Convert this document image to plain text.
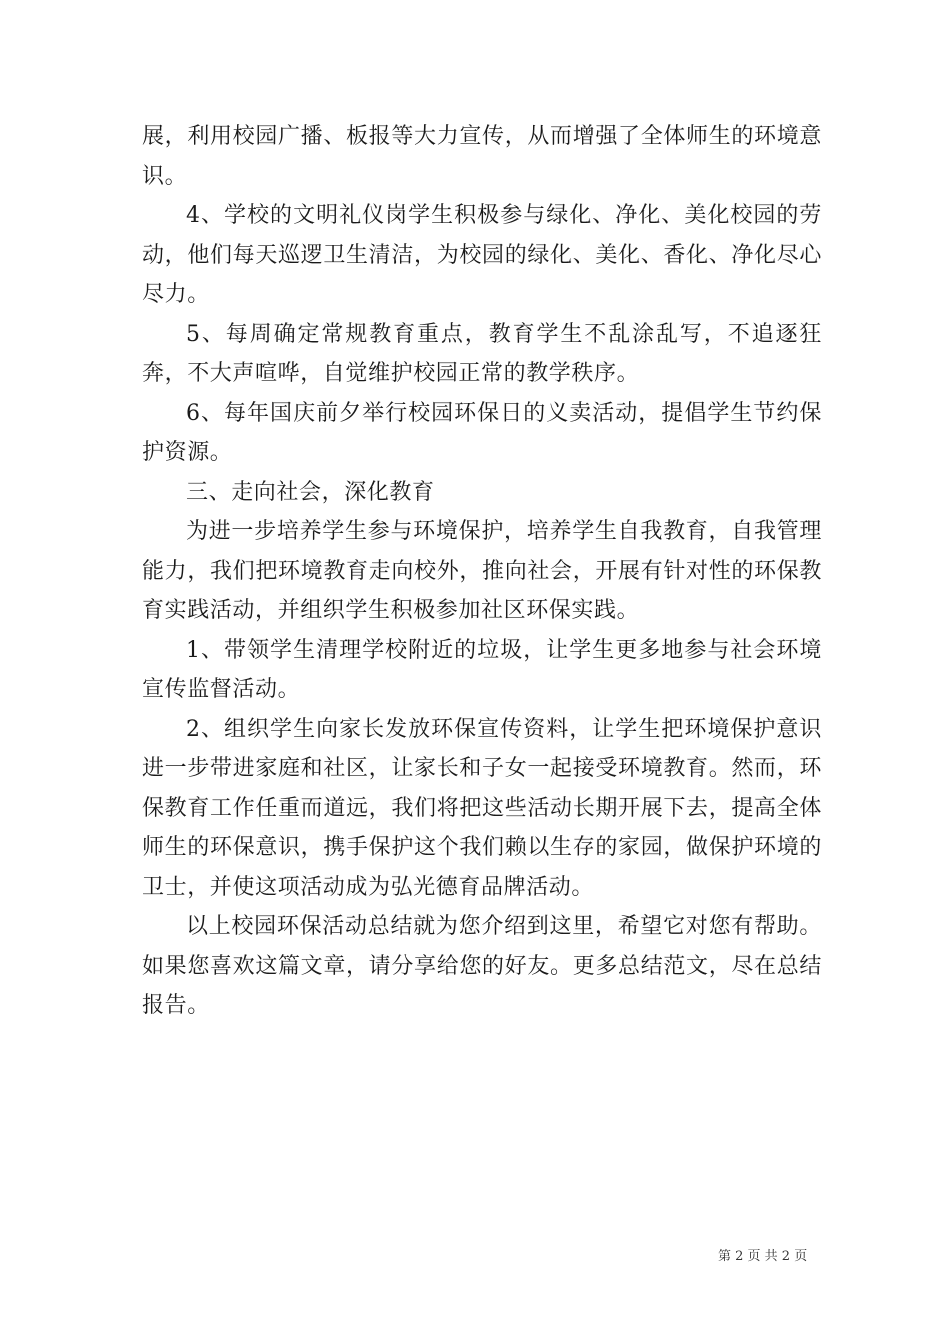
展，利用校园广播、板报等大力宣传，从而增强了全体师生的环境意识。

4、学校的文明礼仪岗学生积极参与绿化、净化、美化校园的劳动，他们每天巡逻卫生清洁，为校园的绿化、美化、香化、净化尽心尽力。

5、每周确定常规教育重点，教育学生不乱涂乱写，不追逐狂奔，不大声喧哗，自觉维护校园正常的教学秩序。

6、每年国庆前夕举行校园环保日的义卖活动，提倡学生节约保护资源。

三、走向社会，深化教育

为进一步培养学生参与环境保护，培养学生自我教育，自我管理能力，我们把环境教育走向校外，推向社会，开展有针对性的环保教育实践活动，并组织学生积极参加社区环保实践。

1、带领学生清理学校附近的垃圾，让学生更多地参与社会环境宣传监督活动。

2、组织学生向家长发放环保宣传资料，让学生把环境保护意识进一步带进家庭和社区，让家长和子女一起接受环境教育。然而，环保教育工作任重而道远，我们将把这些活动长期开展下去，提高全体师生的环保意识，携手保护这个我们赖以生存的家园，做保护环境的卫士，并使这项活动成为弘光德育品牌活动。

以上校园环保活动总结就为您介绍到这里，希望它对您有帮助。如果您喜欢这篇文章，请分享给您的好友。更多总结范文，尽在总结报告。

第 2 页 共 2 页
